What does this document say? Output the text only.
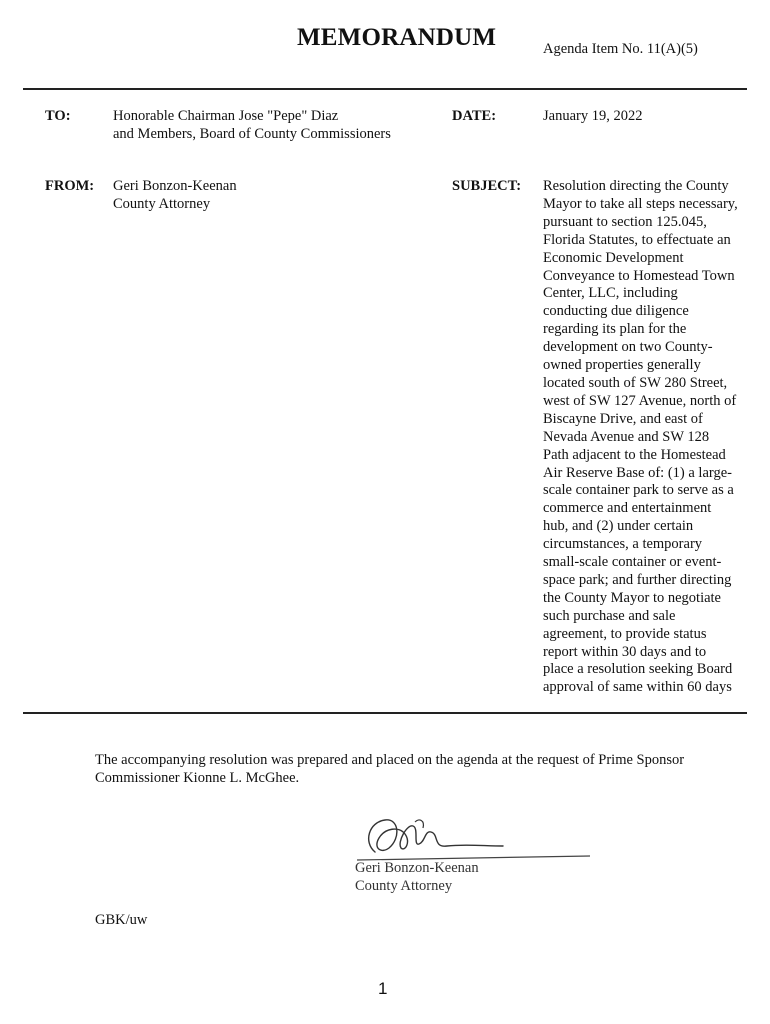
MEMORANDUM	Agenda Item No. 11(A)(5)
TO:	Honorable Chairman Jose "Pepe" Diaz
and Members, Board of County Commissioners
DATE:	January 19, 2022
FROM: Geri Bonzon-Keenan
County Attorney
SUBJECT: Resolution directing the County
Mayor to take all steps necessary,
pursuant to section 125.045,
Florida Statutes, to effectuate an
Economic Development
Conveyance to Homestead Town
Center, LLC, including
conducting due diligence
regarding its plan for the
development on two County-
owned properties generally
located south of SW 280 Street,
west of SW 127 Avenue, north of
Biscayne Drive, and east of
Nevada Avenue and SW 128
Path adjacent to the Homestead
Air Reserve Base of: (1) a large-
scale container park to serve as a
commerce and entertainment
hub, and (2) under certain
circumstances, a temporary
small-scale container or event-
space park; and further directing
the County Mayor to negotiate
such purchase and sale
agreement, to provide status
report within 30 days and to
place a resolution seeking Board
approval of same within 60 days
The accompanying resolution was prepared and placed on the agenda at the request of Prime Sponsor
Commissioner Kionne L. McGhee.
Geri Bonzon-Keenan
County Attorney
GBK/uw
1
